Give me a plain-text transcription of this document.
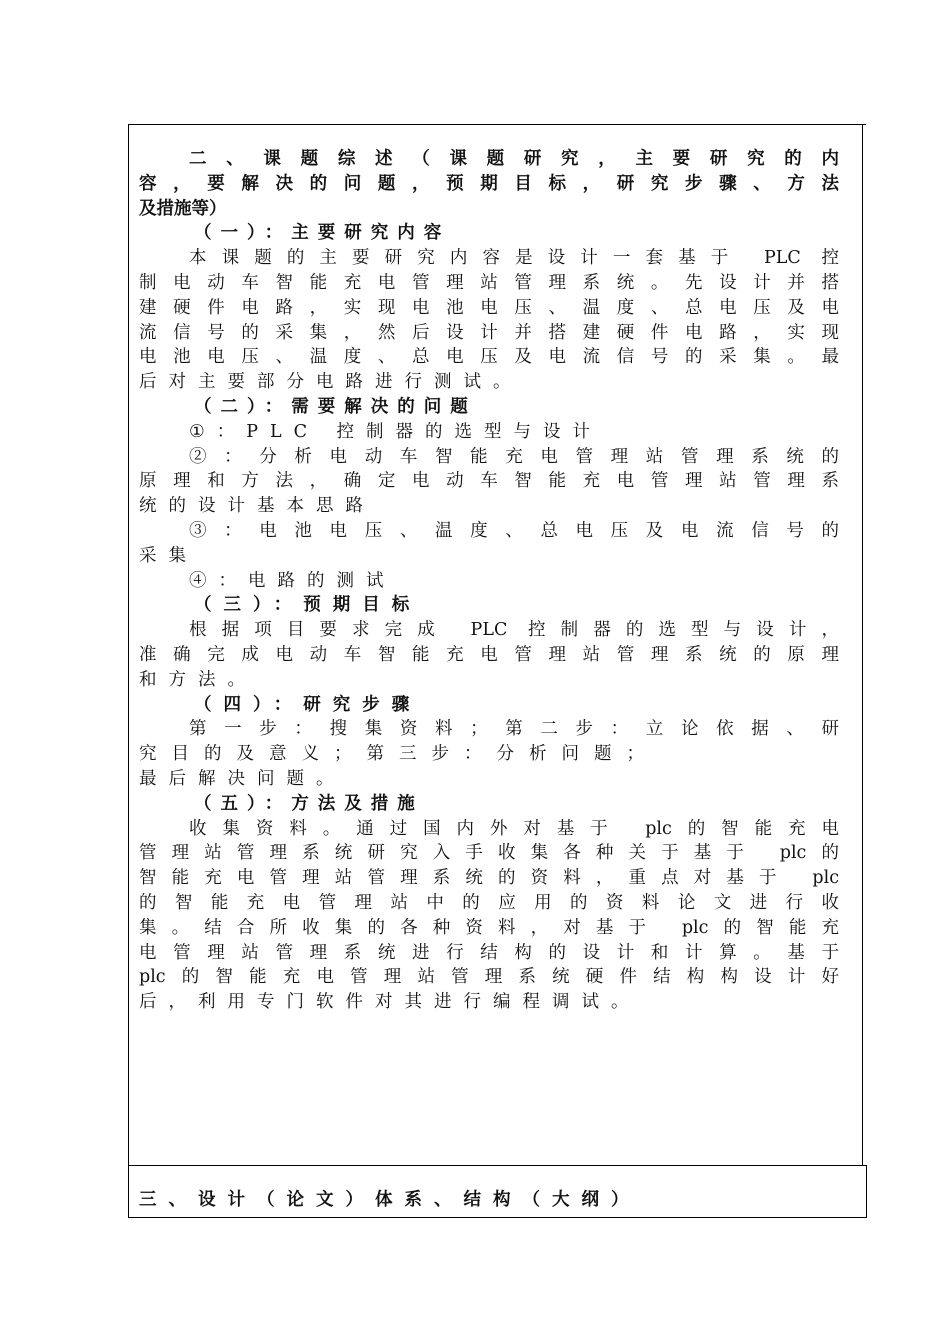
二、课题综述（课题研究，主要研究的内
容，要解决的问题，预期目标，研究步骤、方法
及措施等）
（一）：主要研究内容
本课题的主要研究内容是设计一套基于 PLC 控
制电动车智能充电管理站管理系统。先设计并搭
建硬件电路，实现电池电压、温度、总电压及电
流信号的采集，然后设计并搭建硬件电路，实现
电池电压、温度、总电压及电流信号的采集。最
后对主要部分电路进行测试。
（二）：需要解决的问题
①：PLC 控制器的选型与设计
②：分析电动车智能充电管理站管理系统的
原理和方法，确定电动车智能充电管理站管理系
统的设计基本思路
③：电池电压、温度、总电压及电流信号的
采集
④：电路的测试
（三）：预期目标
根据项目要求完成 PLC 控制器的选型与设计，
准确完成电动车智能充电管理站管理系统的原理
和方法。
（四）：研究步骤
第一步：搜集资料；第二步：立论依据、研
究目的及意义；第三步：分析问题；
最后解决问题。
（五）：方法及措施
收集资料。通过国内外对基于 plc的智能充电
管理站管理系统研究入手收集各种关于基于 plc的
智能充电管理站管理系统的资料，重点对基于 plc
的智能充电管理站中的应用的资料论文进行收
集。结合所收集的各种资料，对基于 plc的智能充
电管理站管理系统进行结构的设计和计算。基于
plc的智能充电管理站管理系统硬件结构构设计好
后，利用专门软件对其进行编程调试。
三、设计（论文）体系、结构（大纲）
